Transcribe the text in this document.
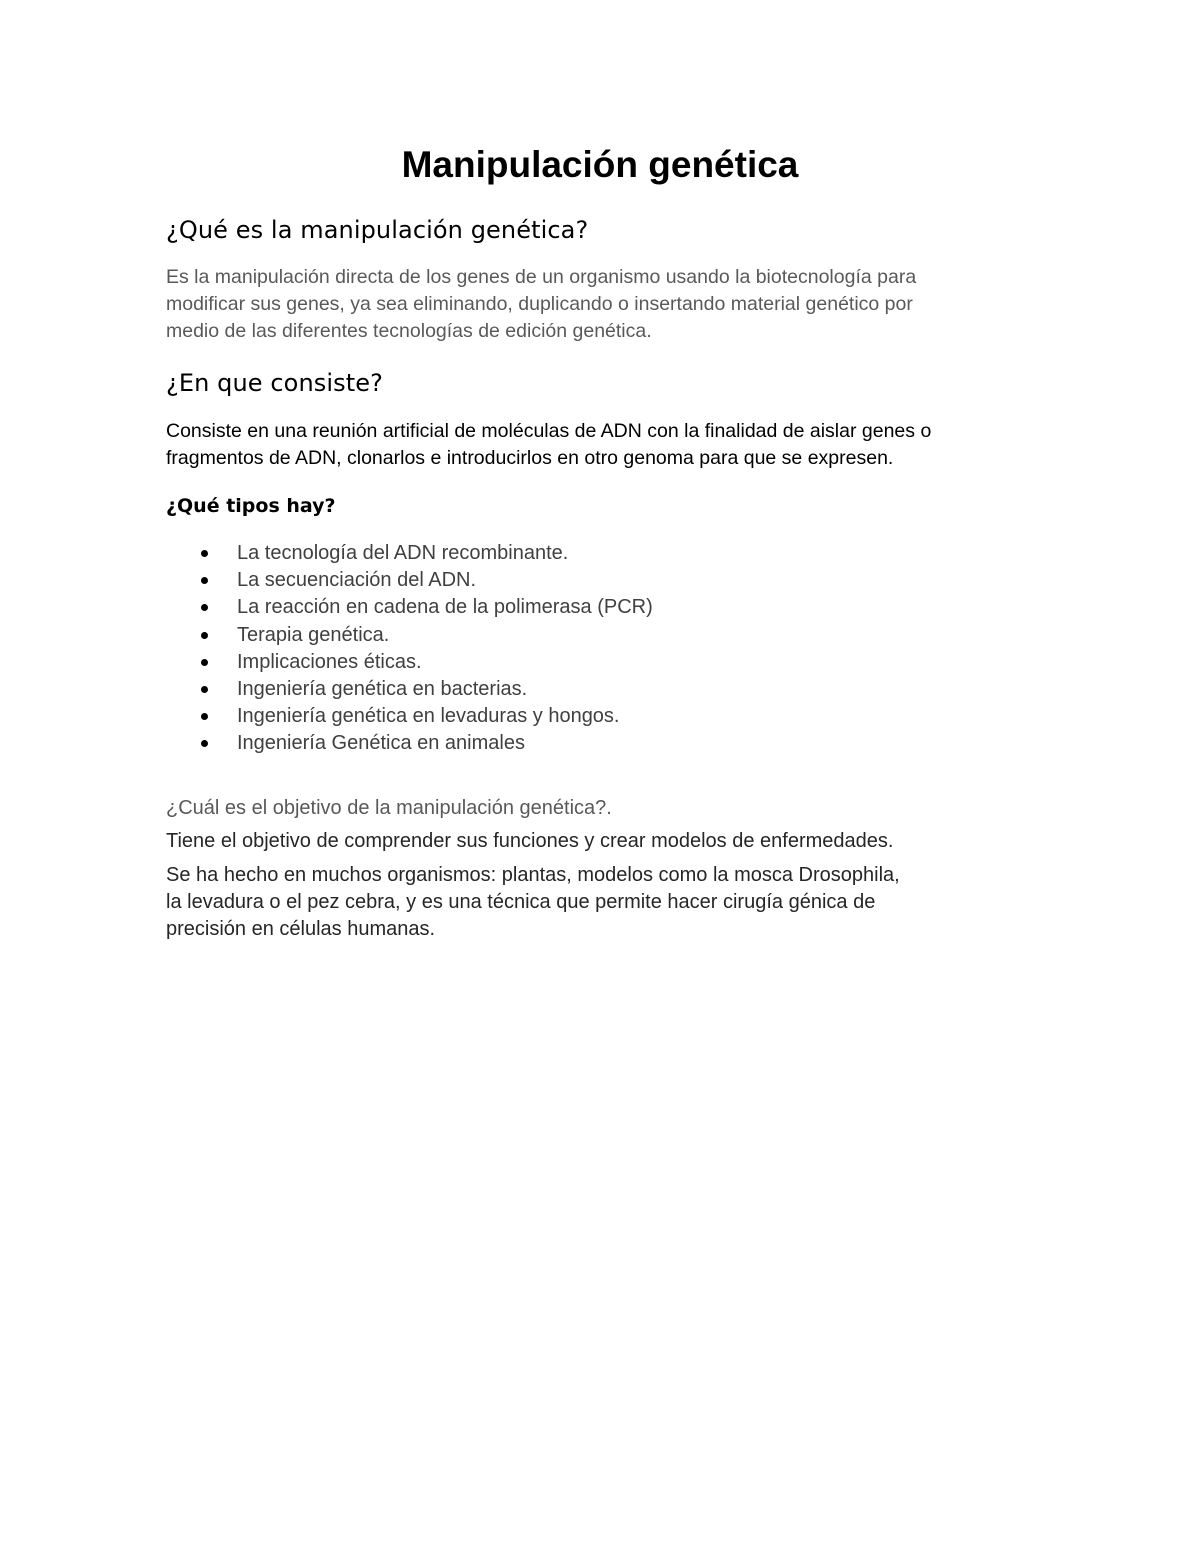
Manipulación genética
¿Qué es la manipulación genética?
Es la manipulación directa de los genes de un organismo usando la biotecnología para
modificar sus genes, ya sea eliminando, duplicando o insertando material genético por
medio de las diferentes tecnologías de edición genética.
¿En que consiste?
Consiste en una reunión artificial de moléculas de ADN con la finalidad de aislar genes o
fragmentos de ADN, clonarlos e introducirlos en otro genoma para que se expresen.
¿Qué tipos hay?
La tecnología del ADN recombinante.
La secuenciación del ADN.
La reacción en cadena de la polimerasa (PCR)
Terapia genética.
Implicaciones éticas.
Ingeniería genética en bacterias.
Ingeniería genética en levaduras y hongos.
Ingeniería Genética en animales
¿Cuál es el objetivo de la manipulación genética?.
Tiene el objetivo de comprender sus funciones y crear modelos de enfermedades.
Se ha hecho en muchos organismos: plantas, modelos como la mosca Drosophila,
la levadura o el pez cebra, y es una técnica que permite hacer cirugía génica de
precisión en células humanas.
